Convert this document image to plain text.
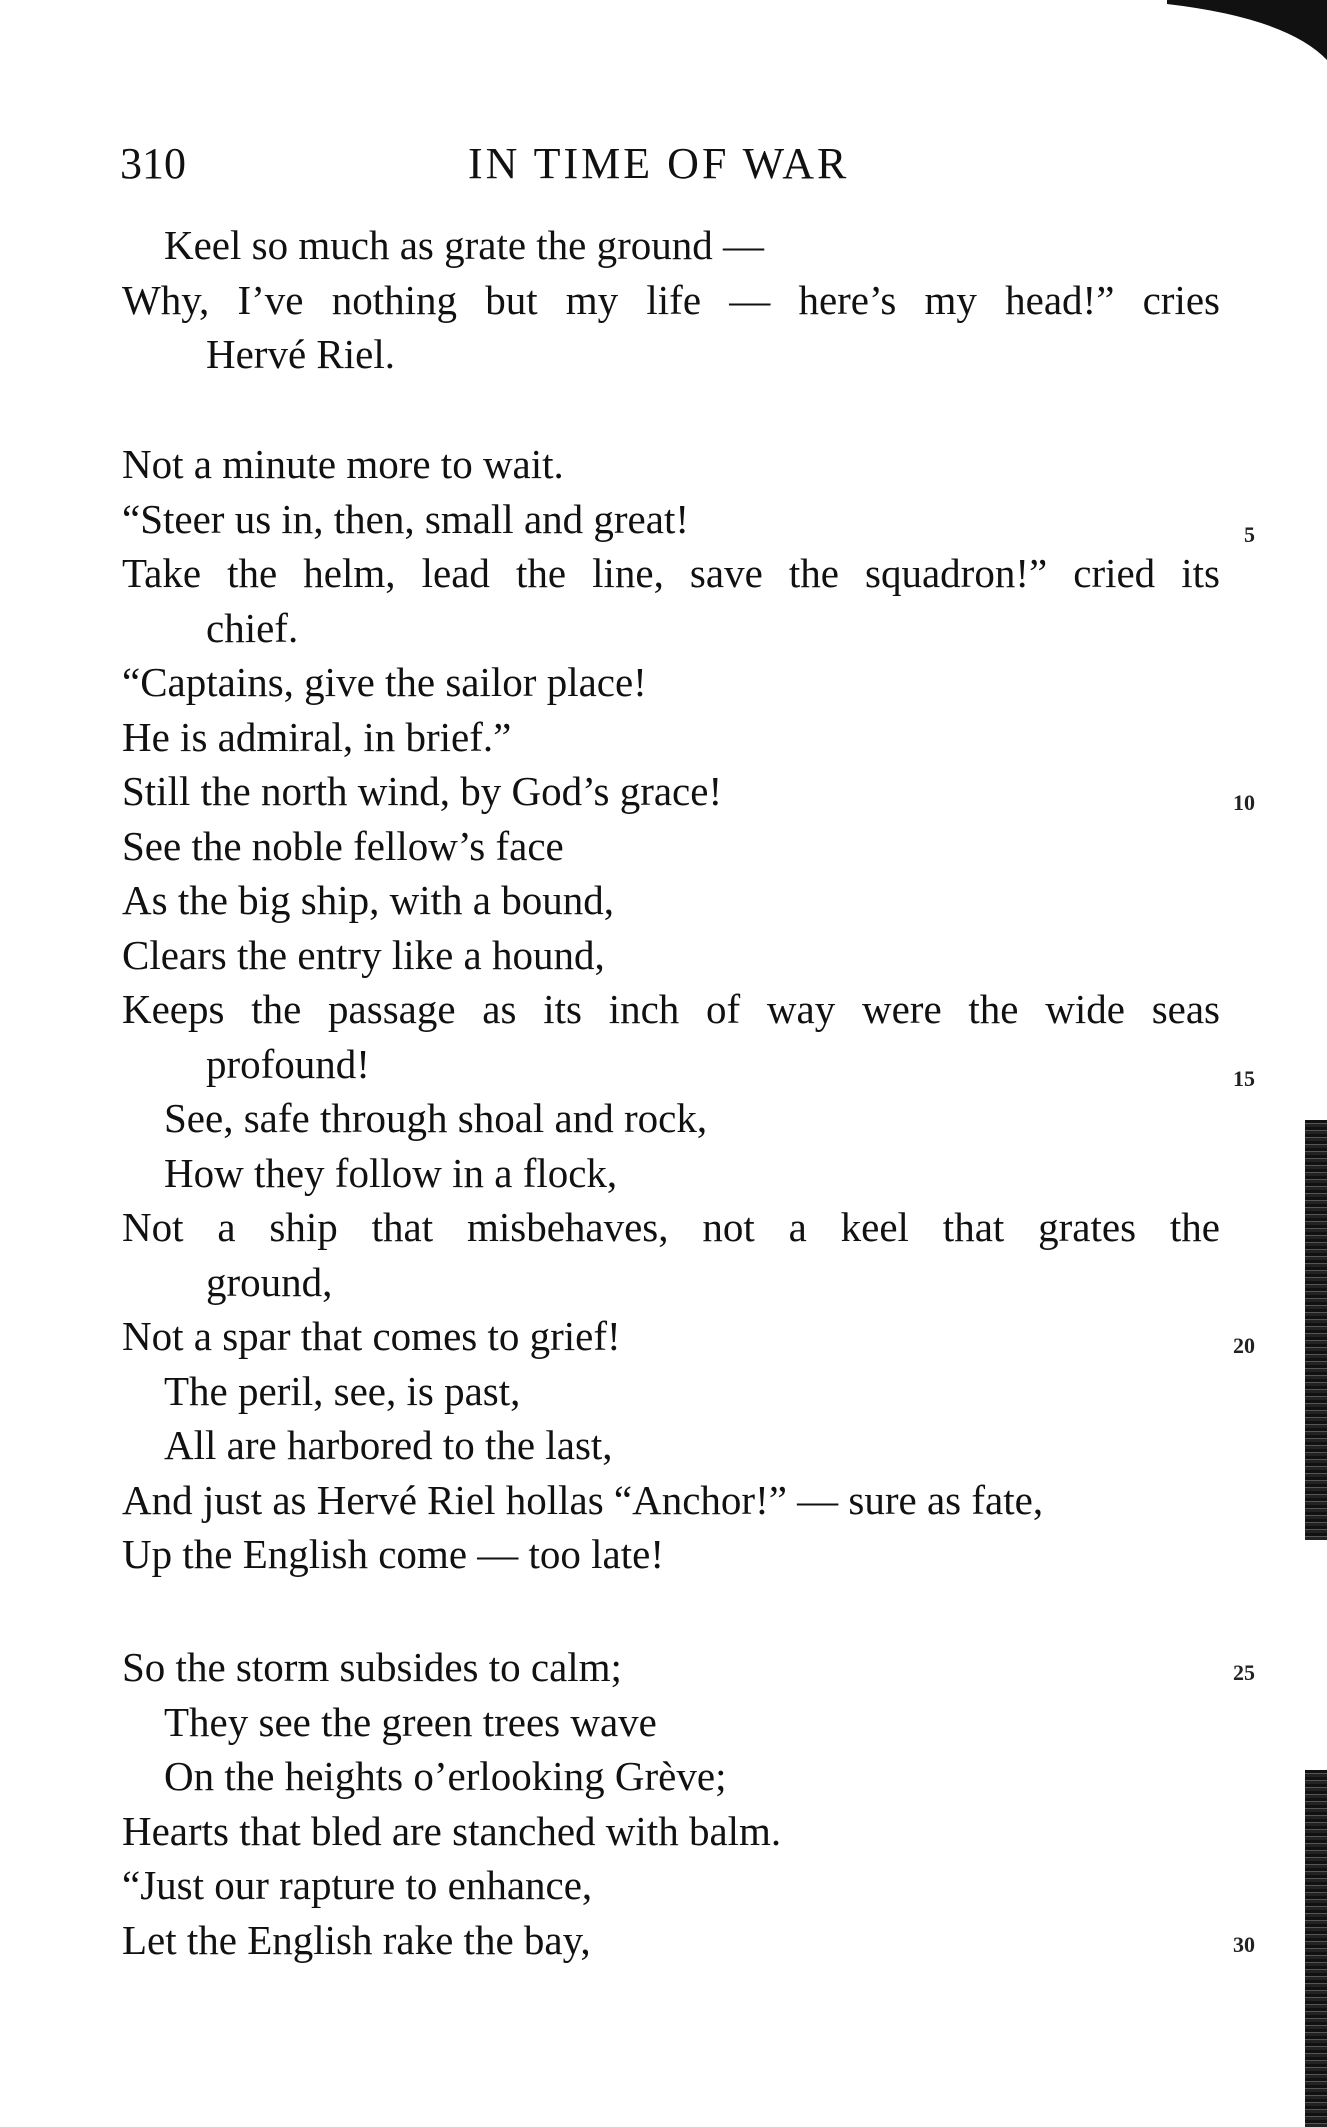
310	IN TIME OF WAR
Keel so much as grate the ground —
Why, I’ve nothing but my life — here’s my head!” cries
Hervé Riel.
Not a minute more to wait.
“Steer us in, then, small and great!
Take the helm, lead the line, save the squadron!” cried its
chief.
“Captains, give the sailor place!
He is admiral, in brief.”
Still the north wind, by God’s grace!
See the noble fellow’s face
As the big ship, with a bound,
Clears the entry like a hound,
Keeps the passage as its inch of way were the wide seas
profound!
See, safe through shoal and rock,
How they follow in a flock,
Not a ship that misbehaves, not a keel that grates the
ground,
Not a spar that comes to grief!
The peril, see, is past,
All are harbored to the last,
And just as Hervé Riel hollas “Anchor!” — sure as fate,
Up the English come — too late!
So the storm subsides to calm;
They see the green trees wave
On the heights o’erlooking Grève;
Hearts that bled are stanched with balm.
“Just our rapture to enhance,
Let the English rake the bay,
5
10
15
20
25
30
